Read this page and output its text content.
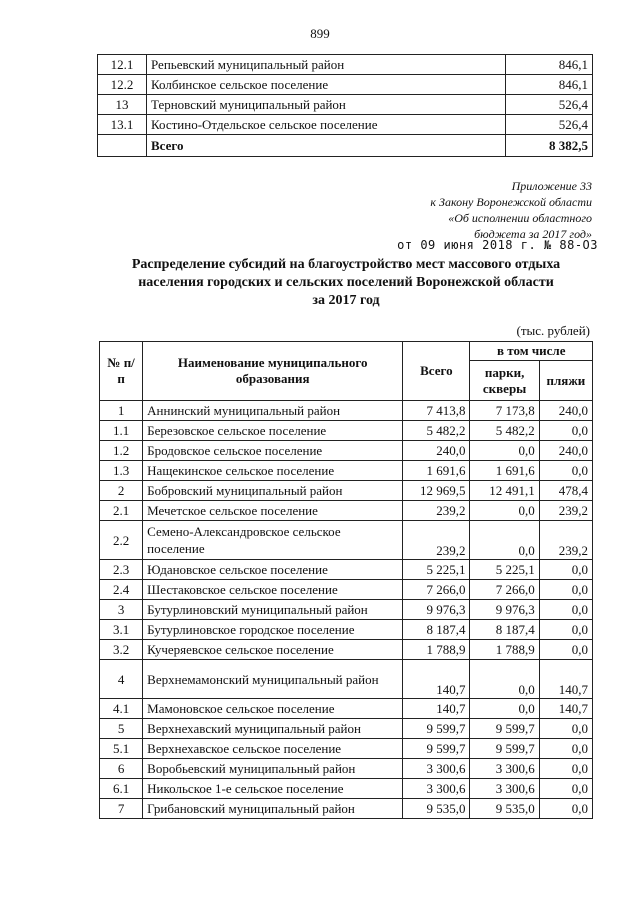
899
12.1	Репьевский муниципальный район	846,1
12.2	Колбинское сельское поселение	846,1
13	Терновский муниципальный район	526,4
13.1	Костино-Отдельское сельское поселение	526,4
	Всего	8 382,5
Приложение 33
к Закону Воронежской области
«Об исполнении областного
бюджета за 2017 год»
от 09 июня 2018 г. № 88-ОЗ
Распределение субсидий на благоустройство мест массового отдыха
населения городских и сельских поселений Воронежской области
за 2017 год
(тыс. рублей)
№ п/п	Наименование муниципального образования	Всего	в том числе	
			парки, скверы	пляжи
1	Аннинский муниципальный район	7 413,8	7 173,8	240,0
1.1	Березовское сельское поселение	5 482,2	5 482,2	0,0
1.2	Бродовское сельское поселение	240,0	0,0	240,0
1.3	Нащекинское сельское поселение	1 691,6	1 691,6	0,0
2	Бобровский муниципальный район	12 969,5	12 491,1	478,4
2.1	Мечетское сельское поселение	239,2	0,0	239,2
2.2	Семено-Александровское сельское поселение	239,2	0,0	239,2
2.3	Юдановское сельское поселение	5 225,1	5 225,1	0,0
2.4	Шестаковское сельское поселение	7 266,0	7 266,0	0,0
3	Бутурлиновский муниципальный район	9 976,3	9 976,3	0,0
3.1	Бутурлиновское городское поселение	8 187,4	8 187,4	0,0
3.2	Кучеряевское сельское поселение	1 788,9	1 788,9	0,0
4	Верхнемамонский муниципальный район	140,7	0,0	140,7
4.1	Мамоновское сельское поселение	140,7	0,0	140,7
5	Верхнехавский муниципальный район	9 599,7	9 599,7	0,0
5.1	Верхнехавское сельское поселение	9 599,7	9 599,7	0,0
6	Воробьевский муниципальный район	3 300,6	3 300,6	0,0
6.1	Никольское 1-е сельское поселение	3 300,6	3 300,6	0,0
7	Грибановский муниципальный район	9 535,0	9 535,0	0,0
